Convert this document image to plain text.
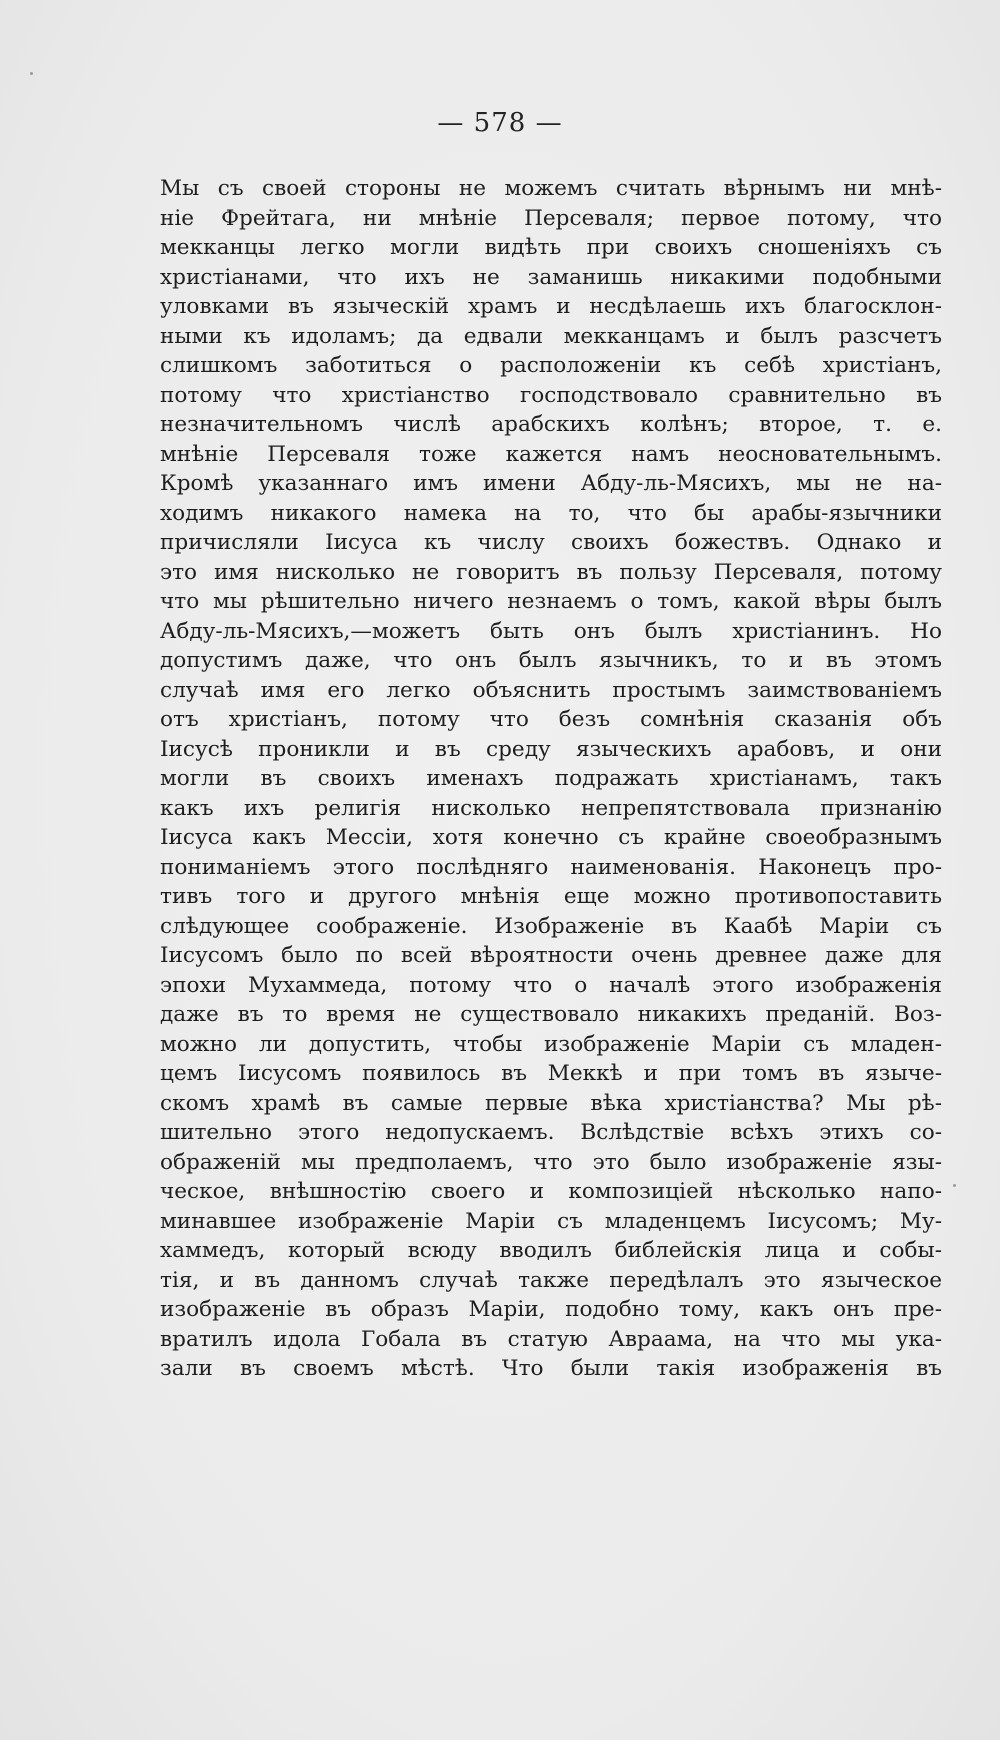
— 578 —
Мы съ своей стороны не можемъ считать вѣрнымъ ни мнѣ-
ніе Фрейтага, ни мнѣніе Персеваля; первое потому, что
мекканцы легко могли видѣть при своихъ сношеніяхъ съ
христіанами, что ихъ не заманишь никакими подобными
уловками въ языческій храмъ и несдѣлаешь ихъ благосклон-
ными къ идоламъ; да едвали мекканцамъ и былъ разсчетъ
слишкомъ заботиться о расположеніи къ себѣ христіанъ,
потому что христіанство господствовало сравнительно въ
незначительномъ числѣ арабскихъ колѣнъ; второе, т. е.
мнѣніе Персеваля тоже кажется намъ неосновательнымъ.
Кромѣ указаннаго имъ имени Абду-ль-Мясихъ, мы не на-
ходимъ никакого намека на то, что бы арабы-язычники
причисляли Іисуса къ числу своихъ божествъ. Однако и
это имя нисколько не говоритъ въ пользу Персеваля, потому
что мы рѣшительно ничего незнаемъ о томъ, какой вѣры былъ
Абду-ль-Мясихъ,—можетъ быть онъ былъ христіанинъ. Но
допустимъ даже, что онъ былъ язычникъ, то и въ этомъ
случаѣ имя его легко объяснить простымъ заимствованіемъ
отъ христіанъ, потому что безъ сомнѣнія сказанія объ
Іисусѣ проникли и въ среду языческихъ арабовъ, и они
могли въ своихъ именахъ подражать христіанамъ, такъ
какъ ихъ религія нисколько непрепятствовала признанію
Іисуса какъ Мессіи, хотя конечно съ крайне своеобразнымъ
пониманіемъ этого послѣдняго наименованія. Наконецъ про-
тивъ того и другого мнѣнія еще можно противопоставить
слѣдующее соображеніе. Изображеніе въ Каабѣ Маріи съ
Іисусомъ было по всей вѣроятности очень древнее даже для
эпохи Мухаммеда, потому что о началѣ этого изображенія
даже въ то время не существовало никакихъ преданій. Воз-
можно ли допустить, чтобы изображеніе Маріи съ младен-
цемъ Іисусомъ появилось въ Меккѣ и при томъ въ языче-
скомъ храмѣ въ самые первые вѣка христіанства? Мы рѣ-
шительно этого недопускаемъ. Вслѣдствіе всѣхъ этихъ со-
ображеній мы предполаемъ, что это было изображеніе язы-
ческое, внѣшностію своего и композиціей нѣсколько напо-
минавшее изображеніе Маріи съ младенцемъ Іисусомъ; Му-
хаммедъ, который всюду вводилъ библейскія лица и собы-
тія, и въ данномъ случаѣ также передѣлалъ это языческое
изображеніе въ образъ Маріи, подобно тому, какъ онъ пре-
вратилъ идола Гобала въ статую Авраама, на что мы ука-
зали въ своемъ мѣстѣ. Что были такія изображенія въ
